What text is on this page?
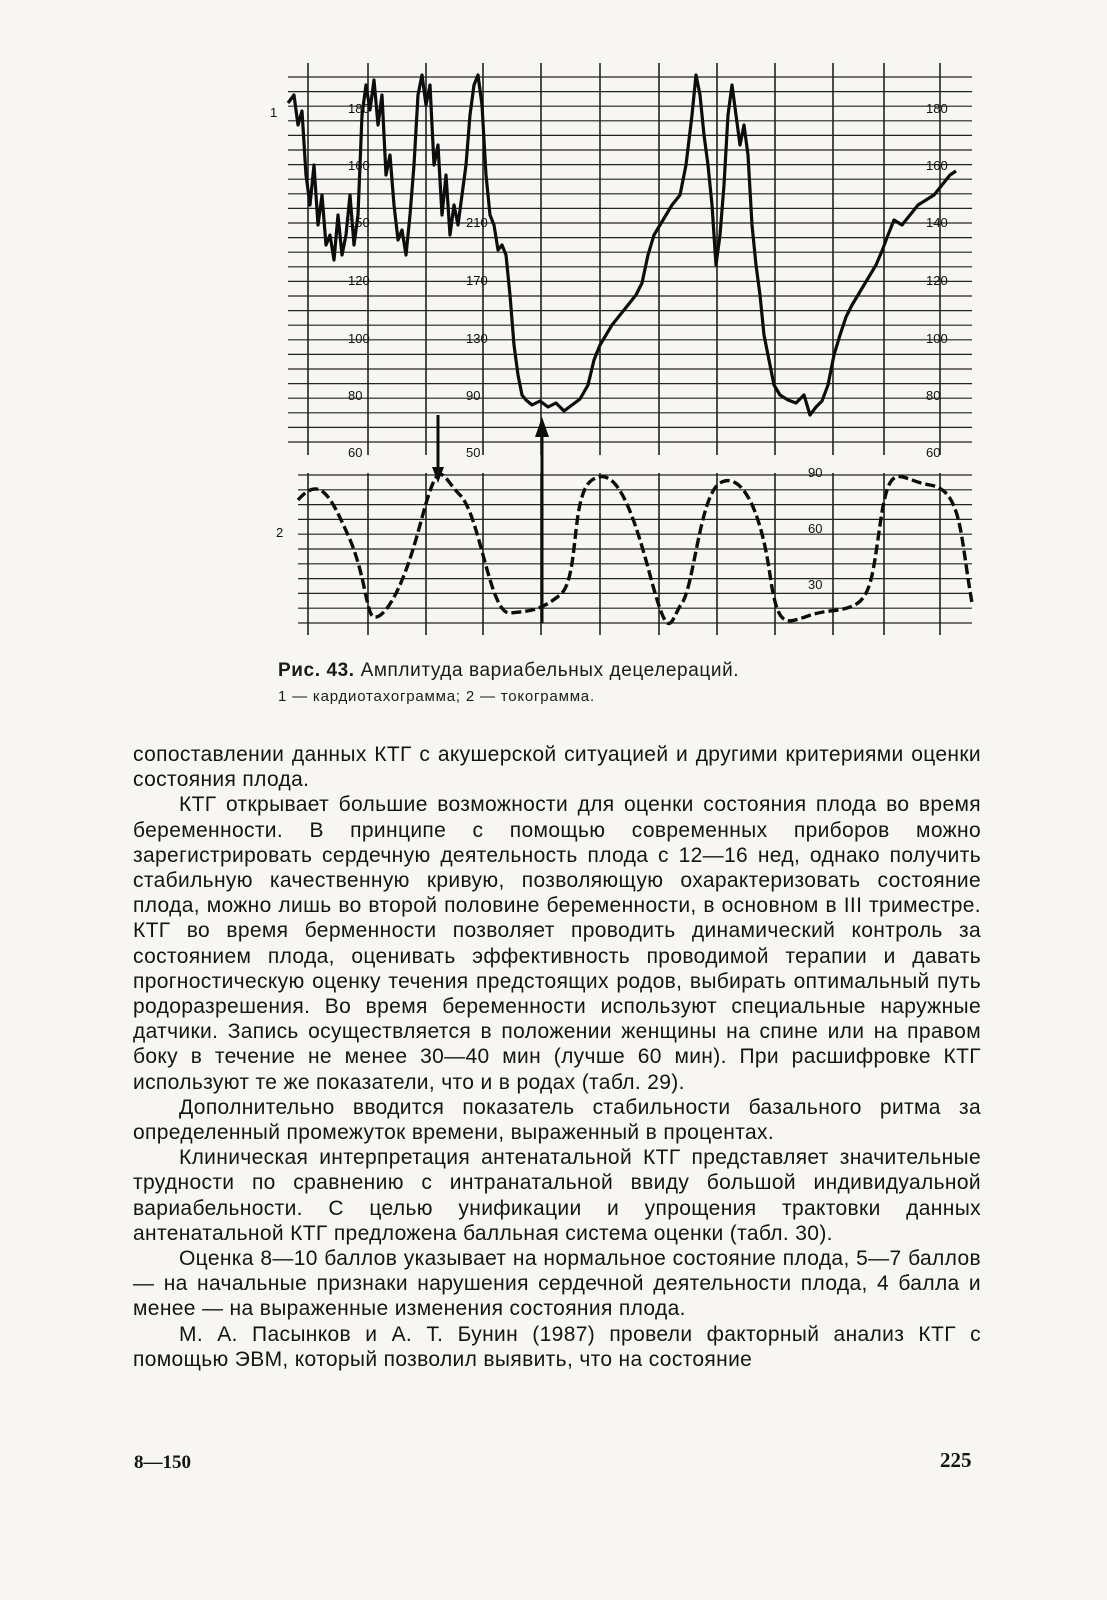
180
160
150
120
100
80
60
210
170
130
90
50
180
160
140
120
100
80
60
90
60
30
1
2
Рис. 43. Амплитуда вариабельных децелераций.
1 — кардиотахограмма; 2 — токограмма.

сопоставлении данных КТГ с акушерской ситуацией и другими критериями оценки состояния плода.

КТГ открывает большие возможности для оценки состояния плода во время беременности. В принципе с помощью современных приборов можно зарегистрировать сердечную деятельность плода с 12—16 нед, однако получить стабильную качественную кривую, позволяющую охарактеризовать состояние плода, можно лишь во второй половине беременности, в основном в III триместре. КТГ во время берменности позволяет проводить динамический контроль за состоянием плода, оценивать эффективность проводимой терапии и давать прогностическую оценку течения предстоящих родов, выбирать оптимальный путь родоразрешения. Во время беременности используют специальные наружные датчики. Запись осуществляется в положении женщины на спине или на правом боку в течение не менее 30—40 мин (лучше 60 мин). При расшифровке КТГ используют те же показатели, что и в родах (табл. 29).

Дополнительно вводится показатель стабильности базального ритма за определенный промежуток времени, выраженный в процентах.

Клиническая интерпретация антенатальной КТГ представляет значительные трудности по сравнению с интранатальной ввиду большой индивидуальной вариабельности. С целью унификации и упрощения трактовки данных антенатальной КТГ предложена балльная система оценки (табл. 30).

Оценка 8—10 баллов указывает на нормальное состояние плода, 5—7 баллов — на начальные признаки нарушения сердечной деятельности плода, 4 балла и менее — на выраженные изменения состояния плода.

М. А. Пасынков и А. Т. Бунин (1987) провели факторный анализ КТГ с помощью ЭВМ, который позволил выявить, что на состояние

8—150	225
